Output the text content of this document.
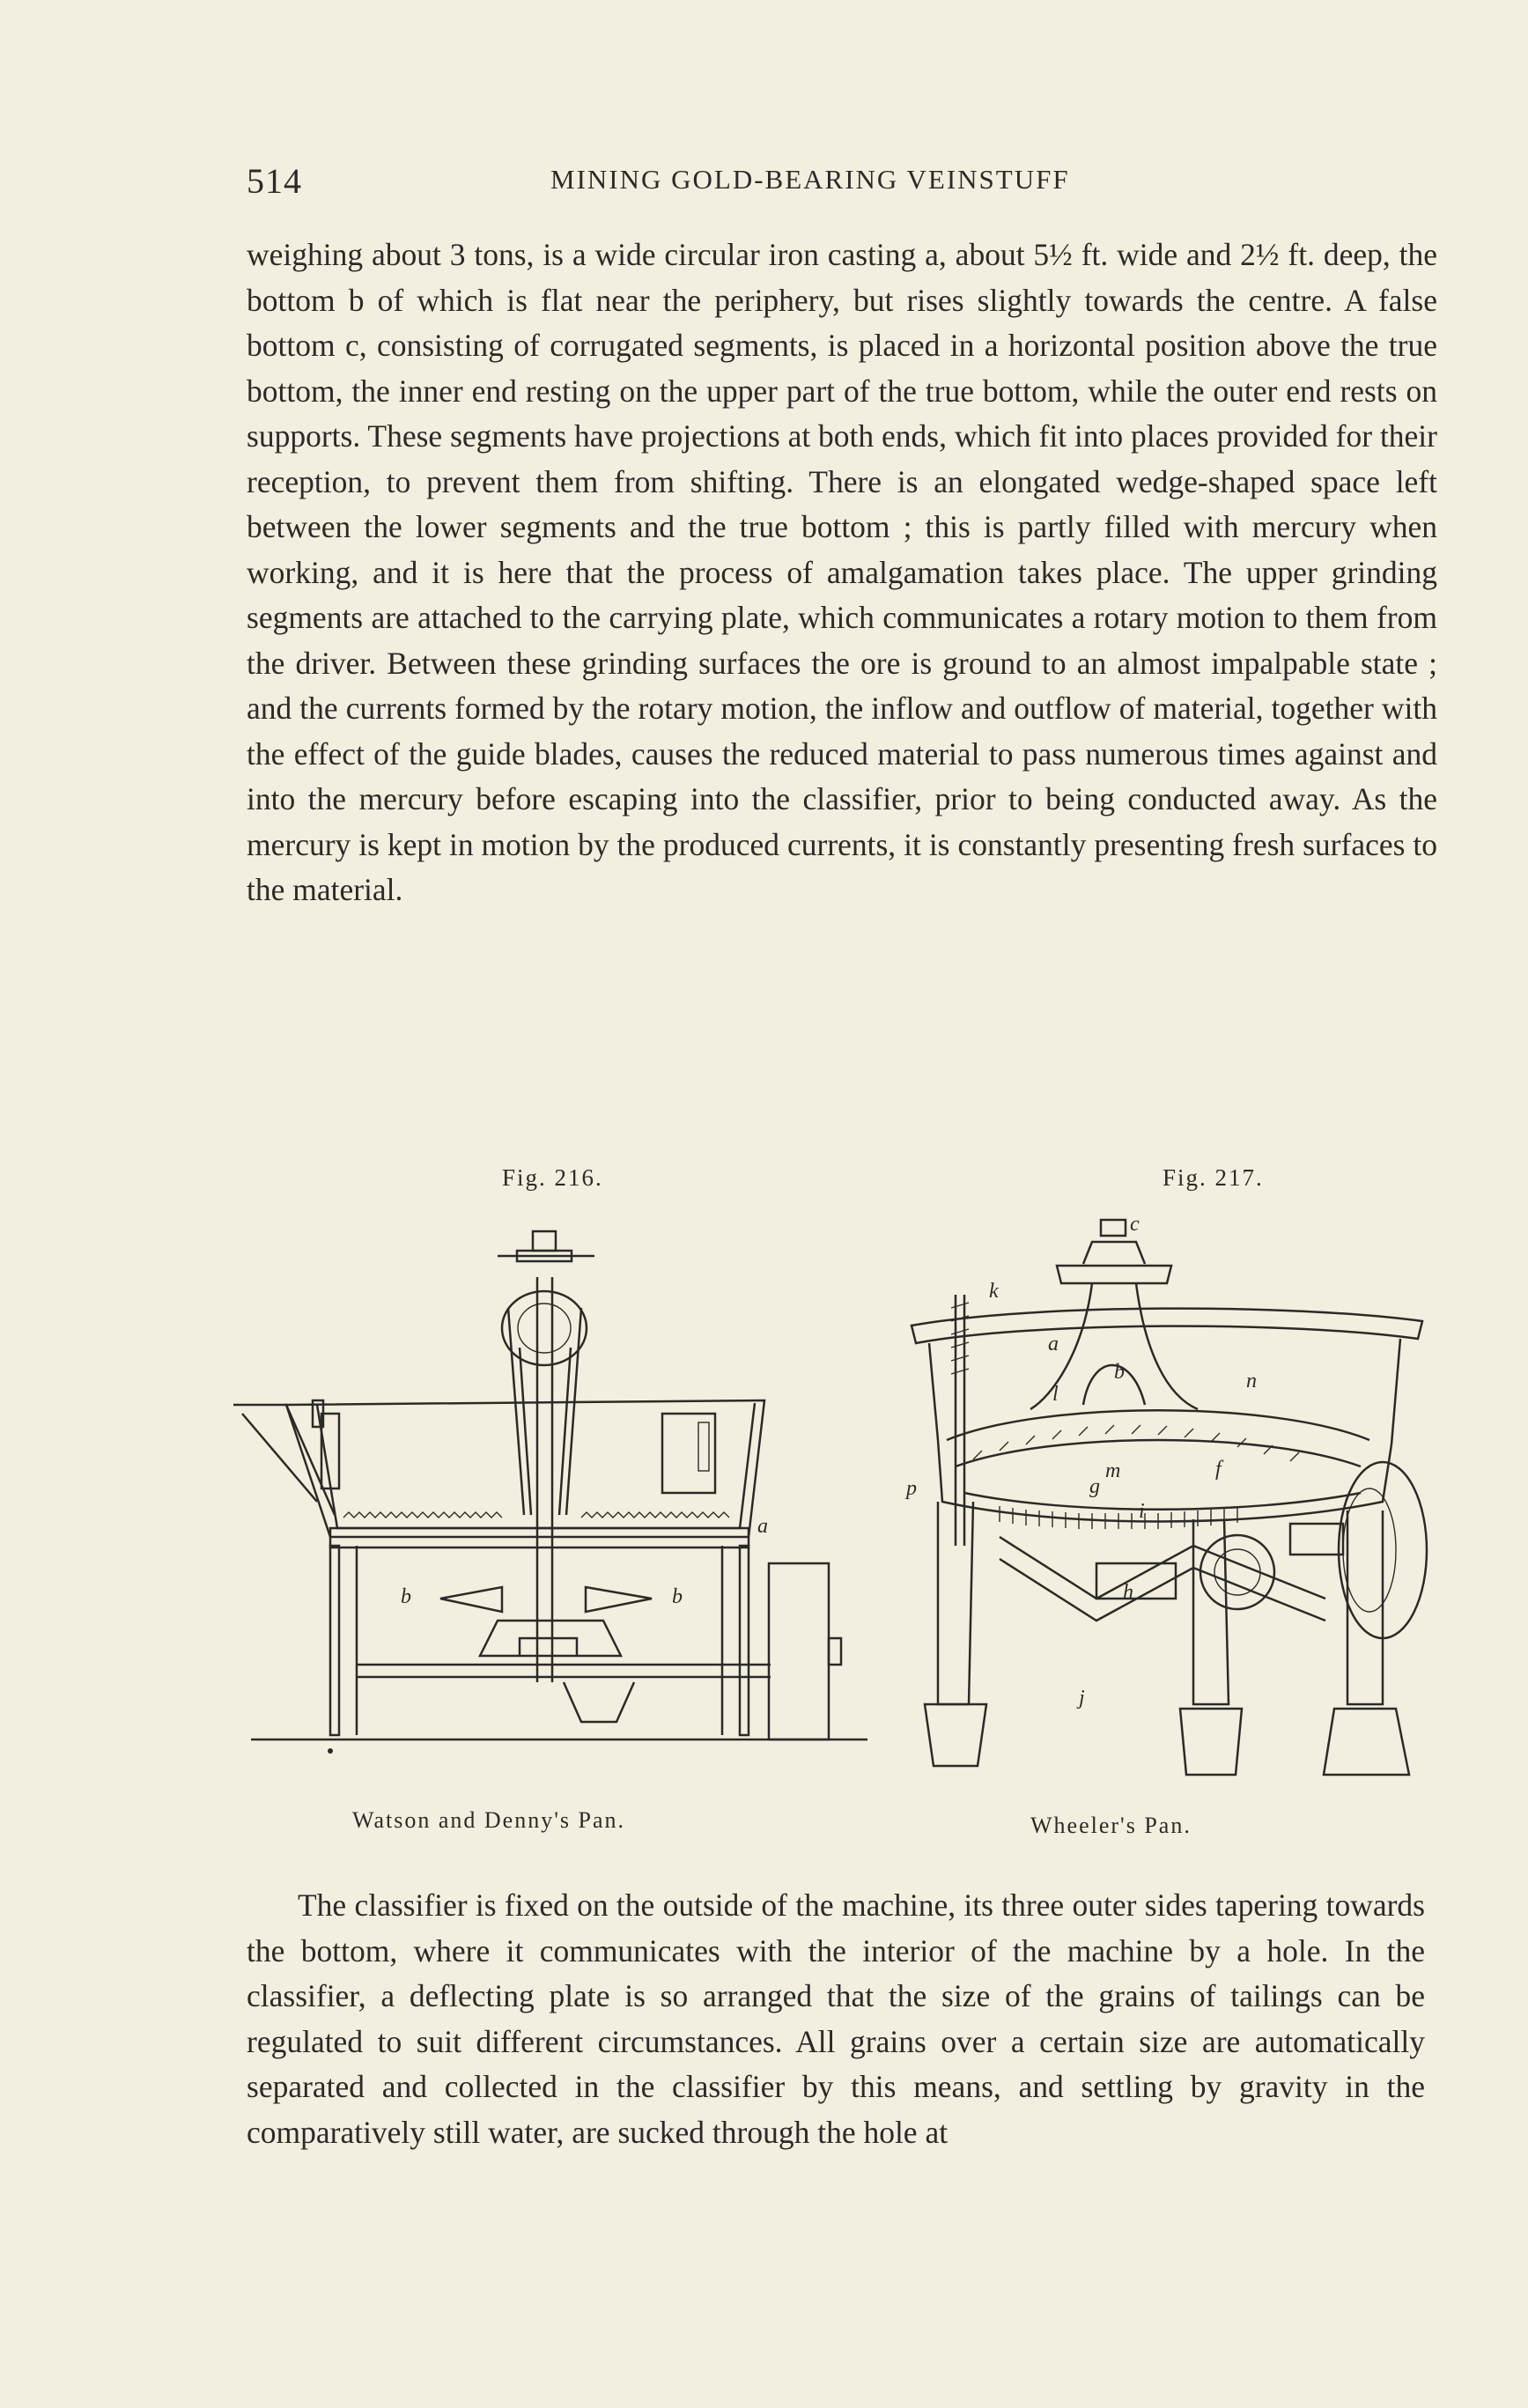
514	MINING GOLD-BEARING VEINSTUFF

weighing about 3 tons, is a wide circular iron casting a, about 5½ ft. wide and 2½ ft. deep, the bottom b of which is flat near the periphery, but rises slightly towards the centre. A false bottom c, consisting of corrugated segments, is placed in a horizontal position above the true bottom, the inner end resting on the upper part of the true bottom, while the outer end rests on supports. These segments have projections at both ends, which fit into places provided for their reception, to prevent them from shifting. There is an elongated wedge-shaped space left between the lower segments and the true bottom ; this is partly filled with mercury when working, and it is here that the process of amalgamation takes place. The upper grinding segments are attached to the carrying plate, which communicates a rotary motion to them from the driver. Between these grinding surfaces the ore is ground to an almost impalpable state ; and the currents formed by the rotary motion, the inflow and outflow of material, together with the effect of the guide blades, causes the reduced material to pass numerous times against and into the mercury before escaping into the classifier, prior to being conducted away. As the mercury is kept in motion by the produced currents, it is constantly presenting fresh surfaces to the material.

Fig. 216.	Fig. 217.
a
b	b
c
k
a
b
l
n
m	f
g
i
p
h
j
Watson and Denny's Pan.	Wheeler's Pan.

The classifier is fixed on the outside of the machine, its three outer sides tapering towards the bottom, where it communicates with the interior of the machine by a hole. In the classifier, a deflecting plate is so arranged that the size of the grains of tailings can be regulated to suit different circumstances. All grains over a certain size are automatically separated and collected in the classifier by this means, and settling by gravity in the comparatively still water, are sucked through the hole at
